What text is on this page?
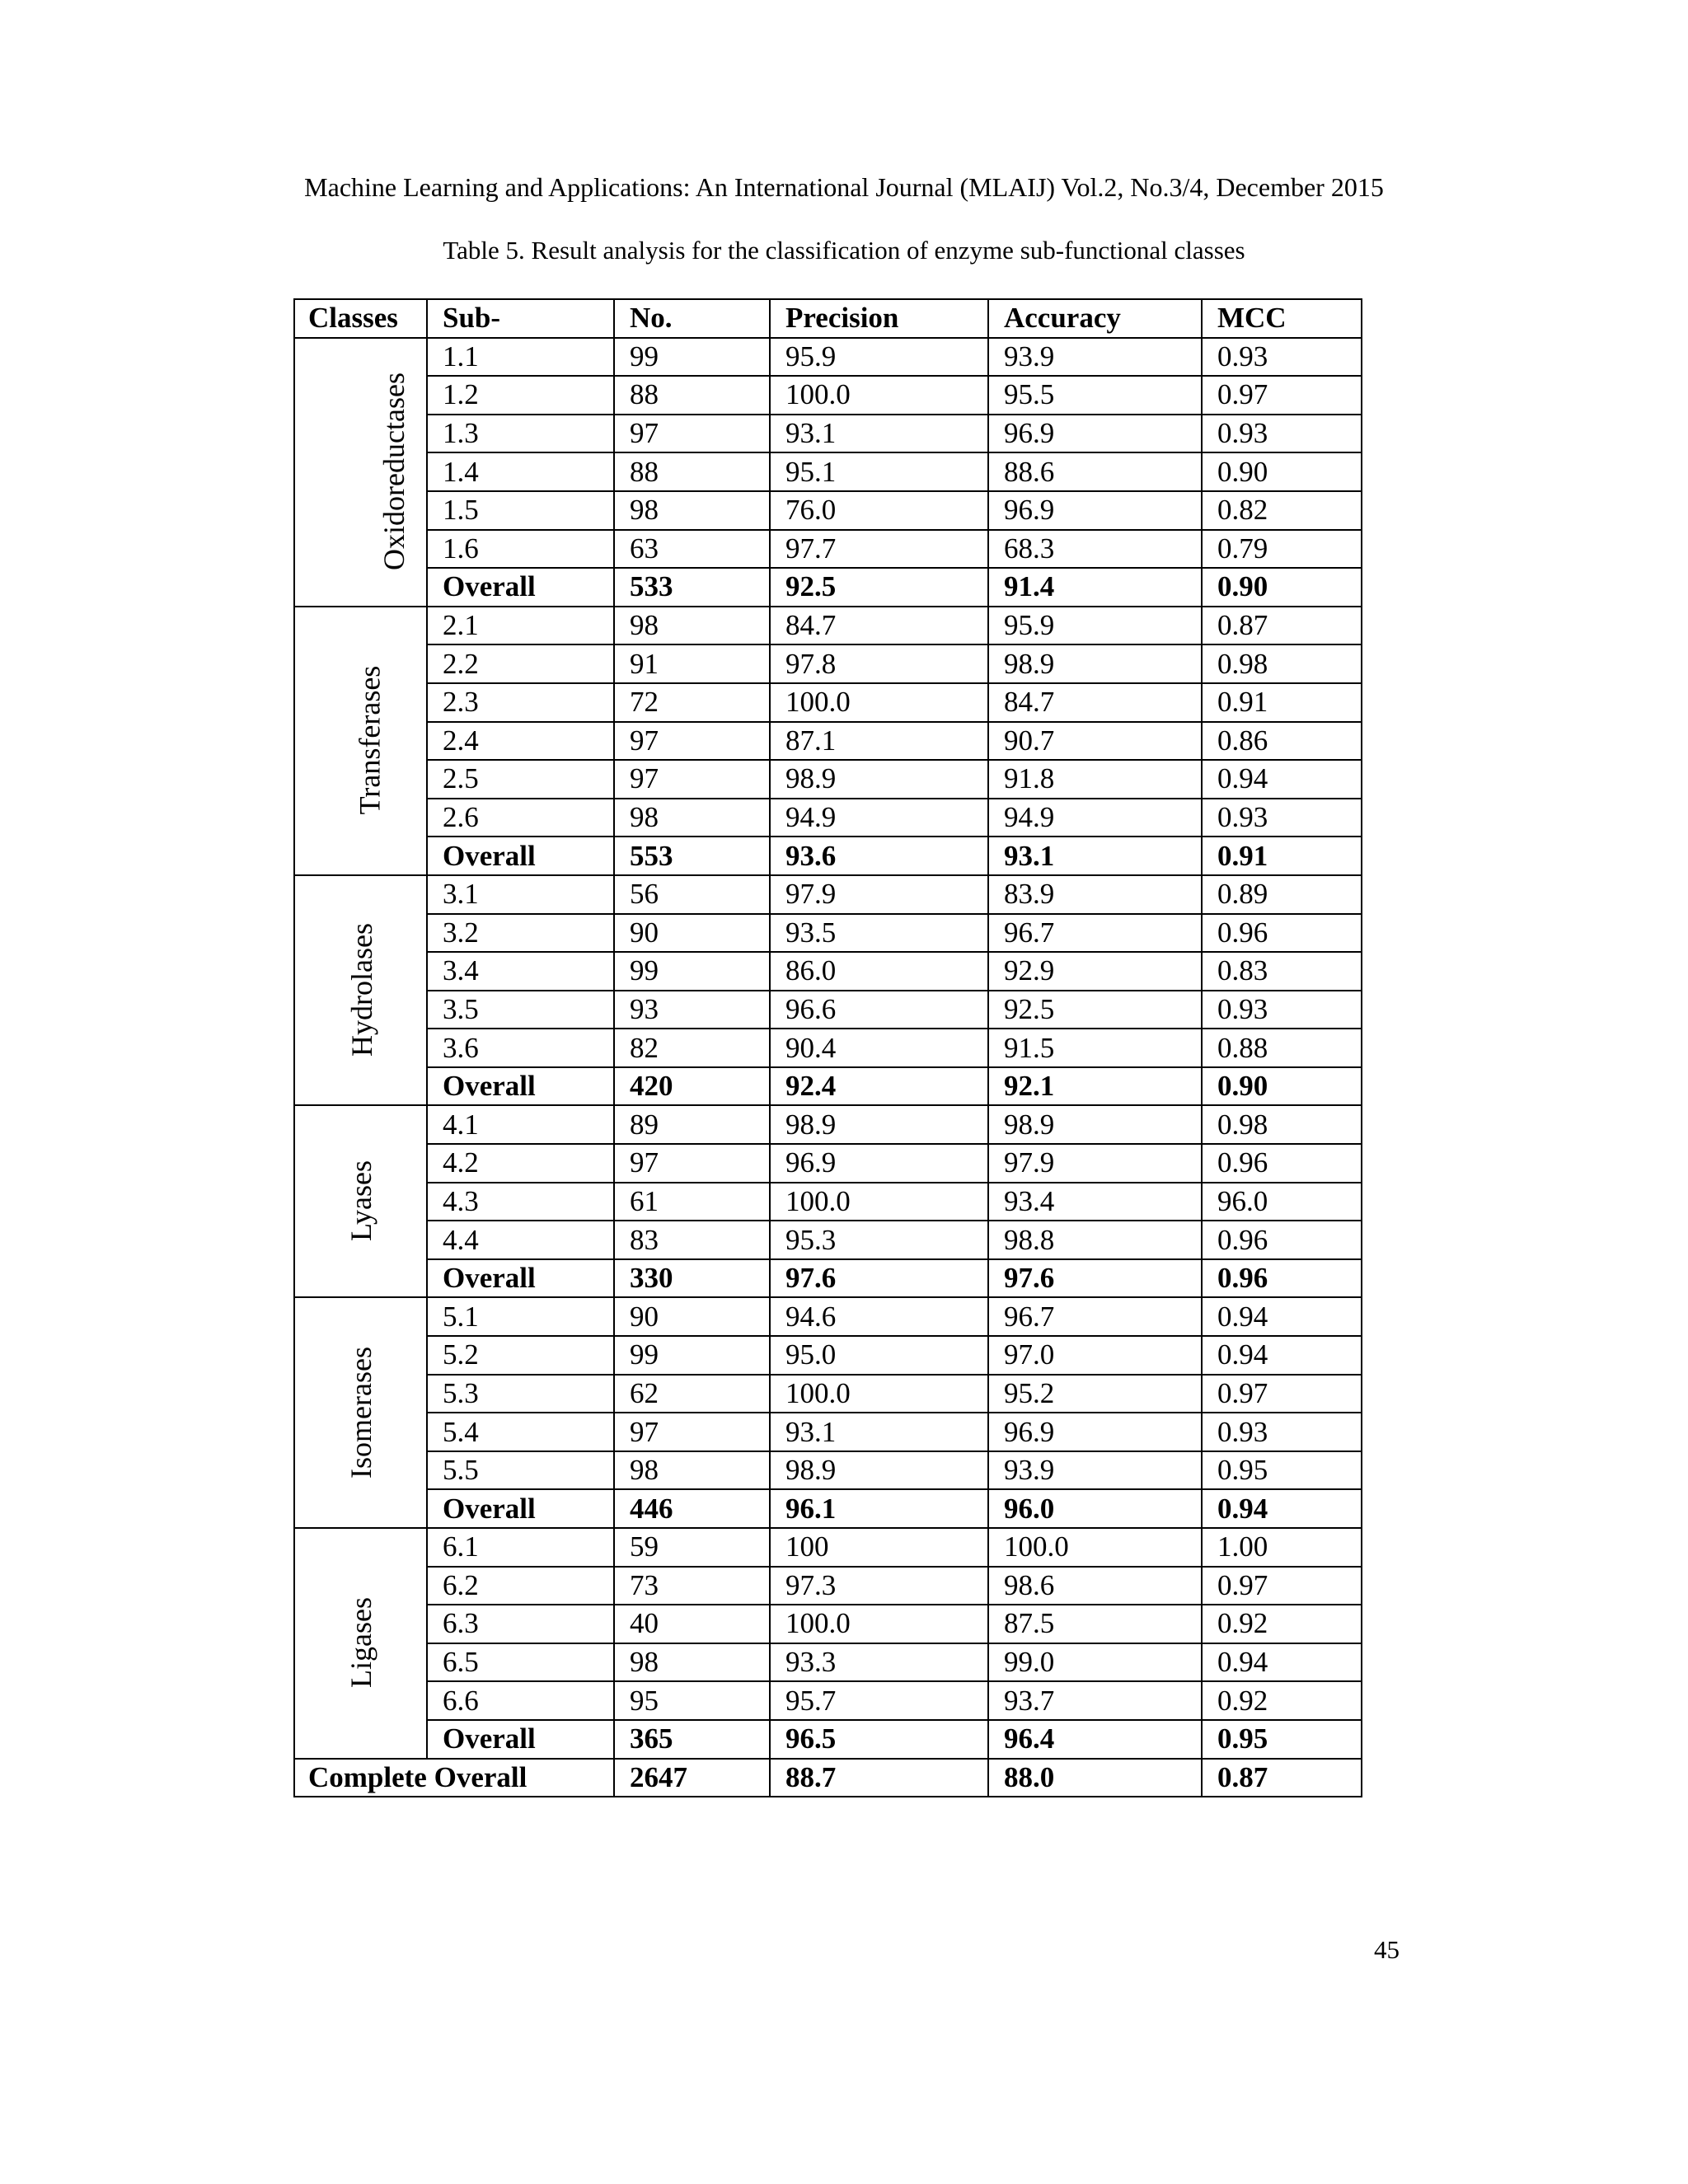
Machine Learning and Applications: An International Journal (MLAIJ) Vol.2, No.3/4, December 2015
Table 5. Result analysis for the classification of enzyme sub-functional classes
Classes	Sub-	No.	Precision	Accuracy	MCC
Oxidoreductases	1.1	99	95.9	93.9	0.93
	1.2	88	100.0	95.5	0.97
	1.3	97	93.1	96.9	0.93
	1.4	88	95.1	88.6	0.90
	1.5	98	76.0	96.9	0.82
	1.6	63	97.7	68.3	0.79
	Overall	533	92.5	91.4	0.90
Transferases	2.1	98	84.7	95.9	0.87
	2.2	91	97.8	98.9	0.98
	2.3	72	100.0	84.7	0.91
	2.4	97	87.1	90.7	0.86
	2.5	97	98.9	91.8	0.94
	2.6	98	94.9	94.9	0.93
	Overall	553	93.6	93.1	0.91
Hydrolases	3.1	56	97.9	83.9	0.89
	3.2	90	93.5	96.7	0.96
	3.4	99	86.0	92.9	0.83
	3.5	93	96.6	92.5	0.93
	3.6	82	90.4	91.5	0.88
	Overall	420	92.4	92.1	0.90
Lyases	4.1	89	98.9	98.9	0.98
	4.2	97	96.9	97.9	0.96
	4.3	61	100.0	93.4	96.0
	4.4	83	95.3	98.8	0.96
	Overall	330	97.6	97.6	0.96
Isomerases	5.1	90	94.6	96.7	0.94
	5.2	99	95.0	97.0	0.94
	5.3	62	100.0	95.2	0.97
	5.4	97	93.1	96.9	0.93
	5.5	98	98.9	93.9	0.95
	Overall	446	96.1	96.0	0.94
Ligases	6.1	59	100	100.0	1.00
	6.2	73	97.3	98.6	0.97
	6.3	40	100.0	87.5	0.92
	6.5	98	93.3	99.0	0.94
	6.6	95	95.7	93.7	0.92
	Overall	365	96.5	96.4	0.95
Complete Overall		2647	88.7	88.0	0.87
45
